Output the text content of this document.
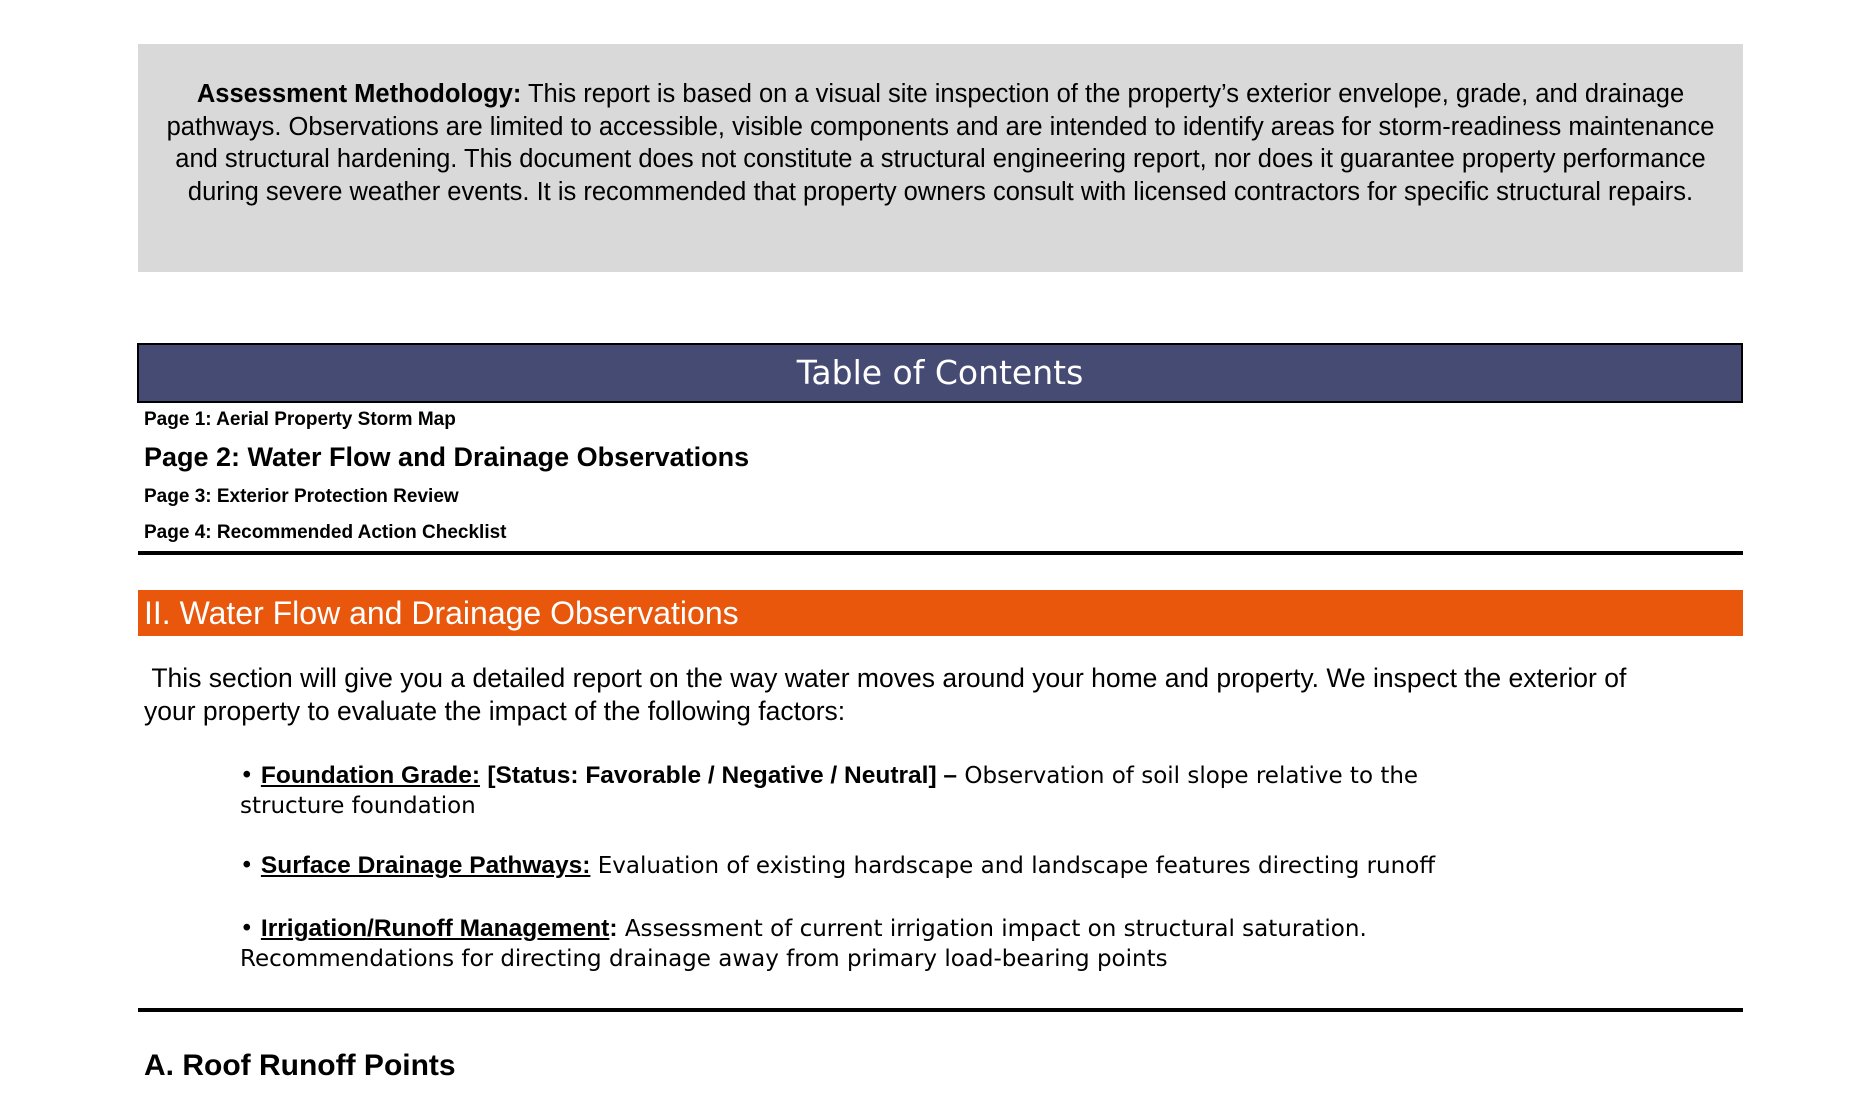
Assessment Methodology: This report is based on a visual site inspection of the property’s exterior envelope, grade, and drainage pathways. Observations are limited to accessible, visible components and are intended to identify areas for storm-readiness maintenance and structural hardening. This document does not constitute a structural engineering report, nor does it guarantee property performance during severe weather events. It is recommended that property owners consult with licensed contractors for specific structural repairs.
Table of Contents
Page 1: Aerial Property Storm Map
Page 2: Water Flow and Drainage Observations
Page 3: Exterior Protection Review
Page 4: Recommended Action Checklist
II. Water Flow and Drainage Observations
This section will give you a detailed report on the way water moves around your home and property. We inspect the exterior of your property to evaluate the impact of the following factors:
• Foundation Grade: [Status: Favorable / Negative / Neutral] – Observation of soil slope relative to the structure foundation
• Surface Drainage Pathways: Evaluation of existing hardscape and landscape features directing runoff
• Irrigation/Runoff Management: Assessment of current irrigation impact on structural saturation. Recommendations for directing drainage away from primary load-bearing points
A. Roof Runoff Points
